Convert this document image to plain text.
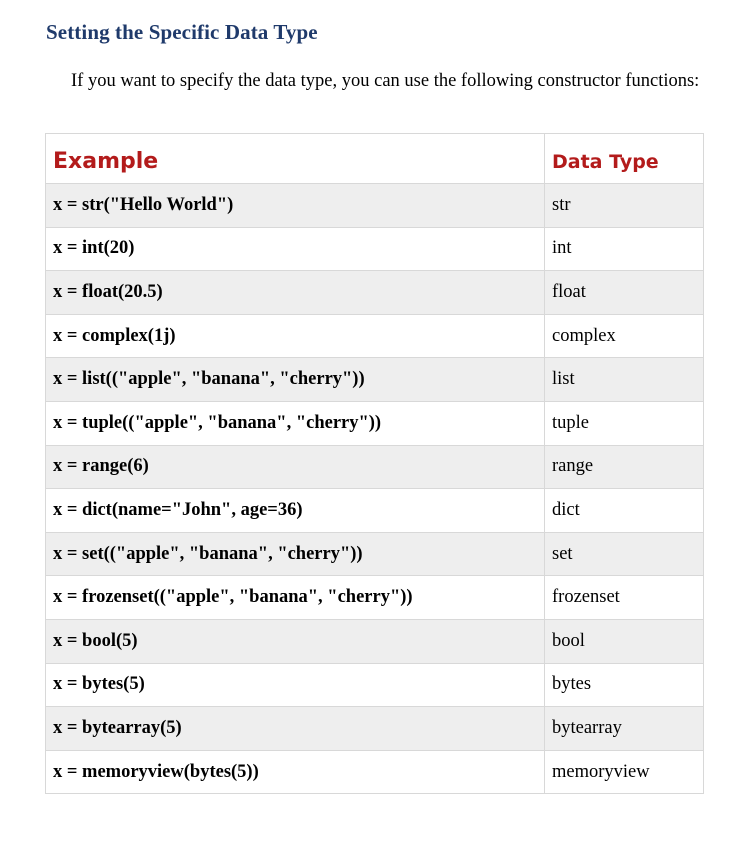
Setting the Specific Data Type
If you want to specify the data type, you can use the following constructor functions:
Example	Data Type
x = str("Hello World")	str
x = int(20)	int
x = float(20.5)	float
x = complex(1j)	complex
x = list(("apple", "banana", "cherry"))	list
x = tuple(("apple", "banana", "cherry"))	tuple
x = range(6)	range
x = dict(name="John", age=36)	dict
x = set(("apple", "banana", "cherry"))	set
x = frozenset(("apple", "banana", "cherry"))	frozenset
x = bool(5)	bool
x = bytes(5)	bytes
x = bytearray(5)	bytearray
x = memoryview(bytes(5))	memoryview
